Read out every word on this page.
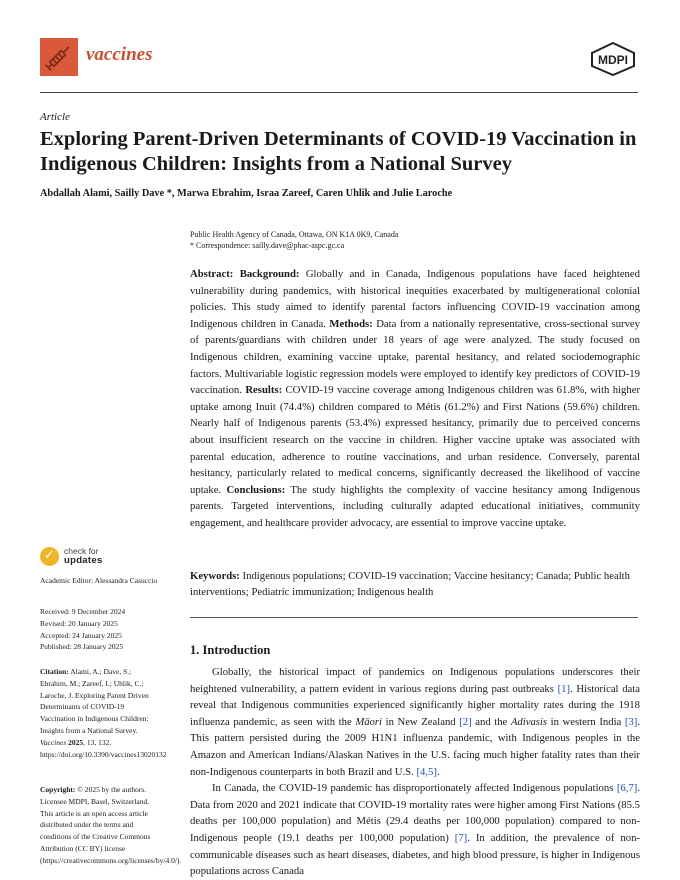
vaccines	MDPI
Article
Exploring Parent-Driven Determinants of COVID-19 Vaccination in Indigenous Children: Insights from a National Survey
Abdallah Alami, Sailly Dave *, Marwa Ebrahim, Israa Zareef, Caren Uhlik and Julie Laroche
Public Health Agency of Canada, Ottawa, ON K1A 0K9, Canada
* Correspondence: sailly.dave@phac-aspc.gc.ca
Abstract: Background: Globally and in Canada, Indigenous populations have faced heightened vulnerability during pandemics, with historical inequities exacerbated by multigenerational colonial policies. This study aimed to identify parental factors influencing COVID-19 vaccination among Indigenous children in Canada. Methods: Data from a nationally representative, cross-sectional survey of parents/guardians with children under 18 years of age were analyzed. The study focused on Indigenous children, examining vaccine uptake, parental hesitancy, and related sociodemographic factors. Multivariable logistic regression models were employed to identify key predictors of COVID-19 vaccination. Results: COVID-19 vaccine coverage among Indigenous children was 61.8%, with higher uptake among Inuit (74.4%) children compared to Métis (61.2%) and First Nations (59.6%) children. Nearly half of Indigenous parents (53.4%) expressed hesitancy, primarily due to perceived concerns about insufficient research on the vaccine in children. Higher vaccine uptake was associated with parental education, adherence to routine vaccinations, and urban residence. Conversely, parental hesitancy, particularly related to medical concerns, significantly decreased the likelihood of vaccine uptake. Conclusions: The study highlights the complexity of vaccine hesitancy among Indigenous parents. Targeted interventions, including culturally adapted educational initiatives, community engagement, and healthcare provider advocacy, are essential to improve vaccine uptake.
Keywords: Indigenous populations; COVID-19 vaccination; Vaccine hesitancy; Canada; Public health interventions; Pediatric immunization; Indigenous health
1. Introduction

Globally, the historical impact of pandemics on Indigenous populations underscores their heightened vulnerability, a pattern evident in various regions during past outbreaks [1]. Historical data reveal that Indigenous communities experienced significantly higher mortality rates during the 1918 influenza pandemic, as seen with the Māori in New Zealand [2] and the Adivasis in western India [3]. This pattern persisted during the 2009 H1N1 influenza pandemic, with Indigenous peoples in the Amazon and American Indians/Alaskan Natives in the U.S. facing much higher fatality rates than their non-Indigenous counterparts in both Brazil and U.S. [4,5].

In Canada, the COVID-19 pandemic has disproportionately affected Indigenous populations [6,7]. Data from 2020 and 2021 indicate that COVID-19 mortality rates were higher among First Nations (85.5 deaths per 100,000 population) and Métis (29.4 deaths per 100,000 population) compared to non-Indigenous people (19.1 deaths per 100,000 population) [7]. In addition, the prevalence of non-communicable diseases such as heart diseases, diabetes, and high blood pressure, is higher in Indigenous populations across Canada

✓ check for
updates
Academic Editor: Alessandra Casuccio
Received: 9 December 2024
Revised: 20 January 2025
Accepted: 24 January 2025
Published: 28 January 2025
Citation: Alami, A.; Dave, S.; Ebrahim, M.; Zareef, I.; Uhlik, C.; Laroche, J. Exploring Parent Driven Determinants of COVID-19 Vaccination in Indigenous Children: Insights from a National Survey. Vaccines 2025, 13, 132. https://doi.org/10.3390/vaccines13020132
Copyright: © 2025 by the authors. Licensee MDPI, Basel, Switzerland. This article is an open access article distributed under the terms and conditions of the Creative Commons Attribution (CC BY) license (https://creativecommons.org/licenses/by/4.0/).
